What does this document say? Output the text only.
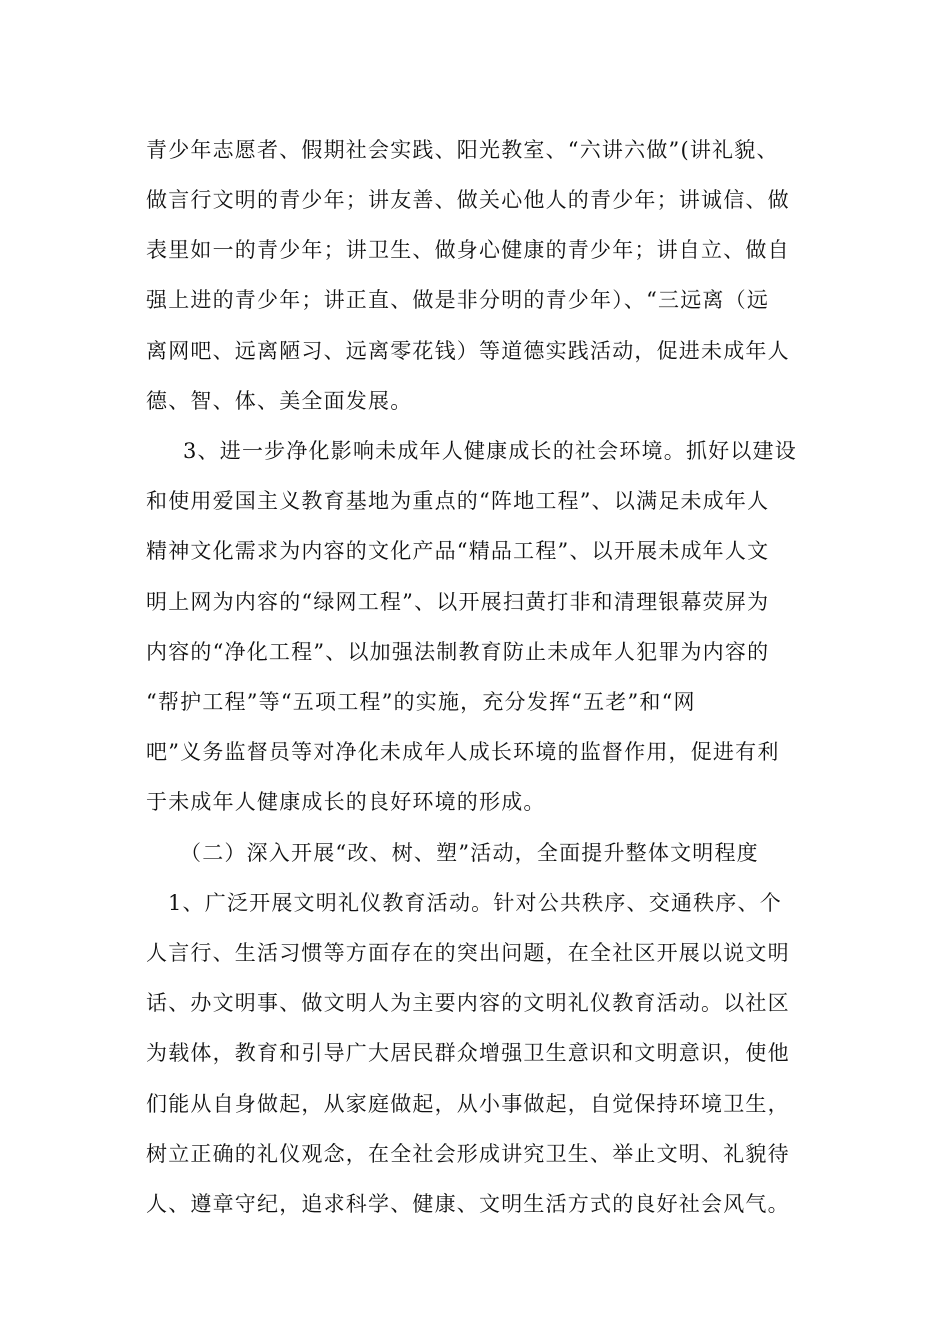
青少年志愿者、假期社会实践、阳光教室、“六讲六做”(讲礼貌、
做言行文明的青少年；讲友善、做关心他人的青少年；讲诚信、做
表里如一的青少年；讲卫生、做身心健康的青少年；讲自立、做自
强上进的青少年；讲正直、做是非分明的青少年）、“三远离（远
离网吧、远离陋习、远离零花钱）等道德实践活动，促进未成年人
德、智、体、美全面发展。
3、进一步净化影响未成年人健康成长的社会环境。抓好以建设
和使用爱国主义教育基地为重点的“阵地工程”、以满足未成年人
精神文化需求为内容的文化产品“精品工程”、以开展未成年人文
明上网为内容的“绿网工程”、以开展扫黄打非和清理银幕荧屏为
内容的“净化工程”、以加强法制教育防止未成年人犯罪为内容的
“帮护工程”等“五项工程”的实施，充分发挥“五老”和“网
吧”义务监督员等对净化未成年人成长环境的监督作用，促进有利
于未成年人健康成长的良好环境的形成。
（二）深入开展“改、树、塑”活动，全面提升整体文明程度
1、广泛开展文明礼仪教育活动。针对公共秩序、交通秩序、个
人言行、生活习惯等方面存在的突出问题，在全社区开展以说文明
话、办文明事、做文明人为主要内容的文明礼仪教育活动。以社区
为载体，教育和引导广大居民群众增强卫生意识和文明意识，使他
们能从自身做起，从家庭做起，从小事做起，自觉保持环境卫生，
树立正确的礼仪观念，在全社会形成讲究卫生、举止文明、礼貌待
人、遵章守纪，追求科学、健康、文明生活方式的良好社会风气。
